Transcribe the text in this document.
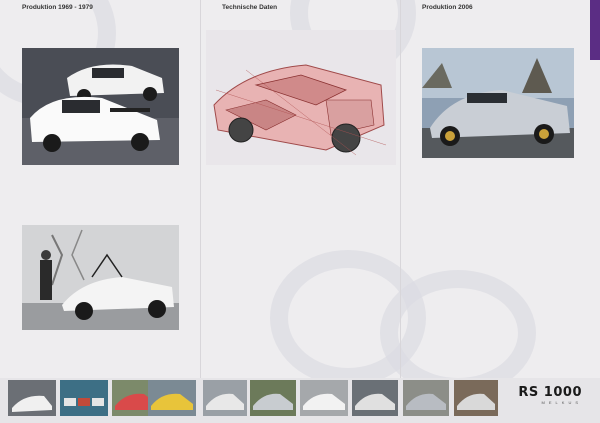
Produktion 1969 - 1979	Technische Daten	Produktion 2006

RS 1000
MELKUS
